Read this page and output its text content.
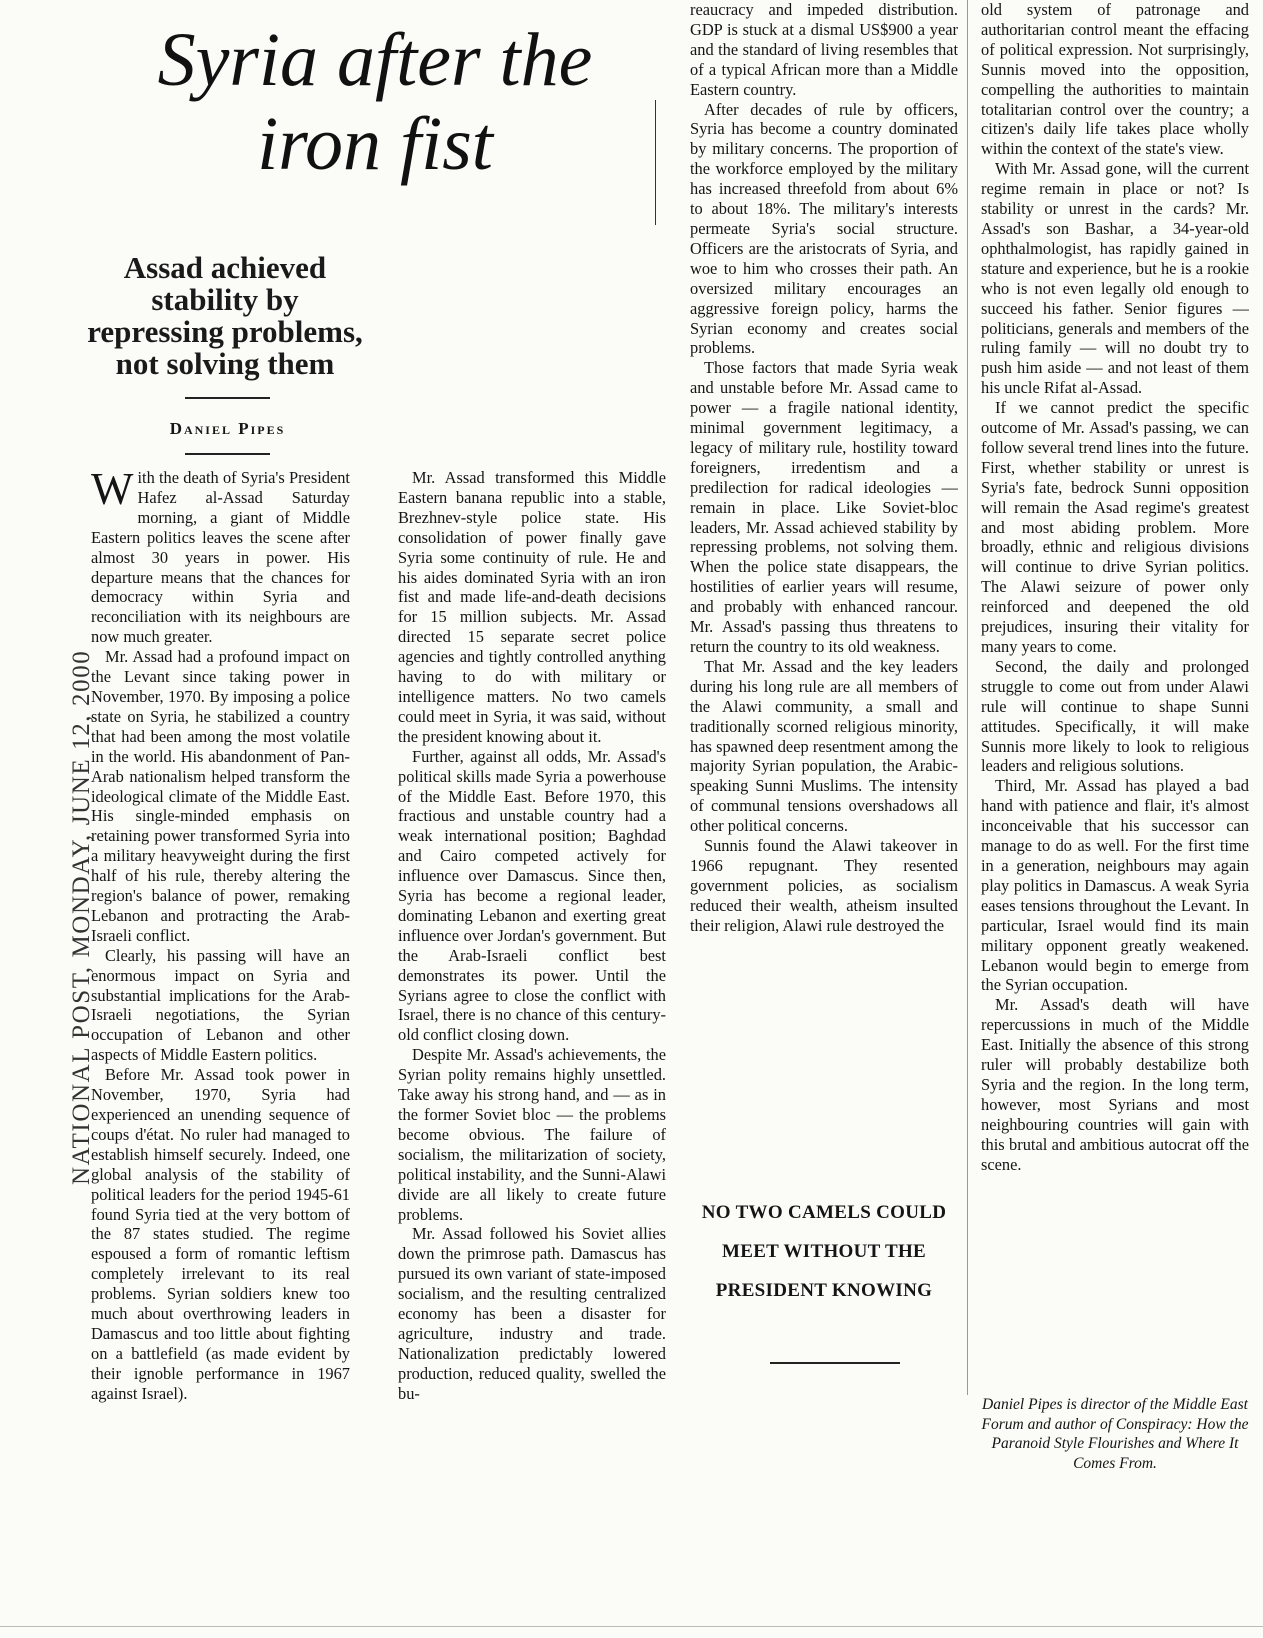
NATIONAL POST, MONDAY, JUNE 12, 2000
Syria after the iron fist
Assad achieved stability by repressing problems, not solving them
Daniel Pipes

With the death of Syria's President Hafez al-Assad Saturday morning, a giant of Middle Eastern politics leaves the scene after almost 30 years in power. His departure means that the chances for democracy within Syria and reconciliation with its neighbours are now much greater.

Mr. Assad had a profound impact on the Levant since taking power in November, 1970. By imposing a police state on Syria, he stabilized a country that had been among the most volatile in the world. His abandonment of Pan-Arab nationalism helped transform the ideological climate of the Middle East. His single-minded emphasis on retaining power transformed Syria into a military heavyweight during the first half of his rule, thereby altering the region's balance of power, remaking Lebanon and protracting the Arab-Israeli conflict.

Clearly, his passing will have an enormous impact on Syria and substantial implications for the Arab-Israeli negotiations, the Syrian occupation of Lebanon and other aspects of Middle Eastern politics.

Before Mr. Assad took power in November, 1970, Syria had experienced an unending sequence of coups d'état. No ruler had managed to establish himself securely. Indeed, one global analysis of the stability of political leaders for the period 1945-61 found Syria tied at the very bottom of the 87 states studied. The regime espoused a form of romantic leftism completely irrelevant to its real problems. Syrian soldiers knew too much about overthrowing leaders in Damascus and too little about fighting on a battlefield (as made evident by their ignoble performance in 1967 against Israel).

Mr. Assad transformed this Middle Eastern banana republic into a stable, Brezhnev-style police state. His consolidation of power finally gave Syria some continuity of rule. He and his aides dominated Syria with an iron fist and made life-and-death decisions for 15 million subjects. Mr. Assad directed 15 separate secret police agencies and tightly controlled anything having to do with military or intelligence matters. No two camels could meet in Syria, it was said, without the president knowing about it.

Further, against all odds, Mr. Assad's political skills made Syria a powerhouse of the Middle East. Before 1970, this fractious and unstable country had a weak international position; Baghdad and Cairo competed actively for influence over Damascus. Since then, Syria has become a regional leader, dominating Lebanon and exerting great influence over Jordan's government. But the Arab-Israeli conflict best demonstrates its power. Until the Syrians agree to close the conflict with Israel, there is no chance of this century-old conflict closing down.

Despite Mr. Assad's achievements, the Syrian polity remains highly unsettled. Take away his strong hand, and — as in the former Soviet bloc — the problems become obvious. The failure of socialism, the militarization of society, political instability, and the Sunni-Alawi divide are all likely to create future problems.

Mr. Assad followed his Soviet allies down the primrose path. Damascus has pursued its own variant of state-imposed socialism, and the resulting centralized economy has been a disaster for agriculture, industry and trade. Nationalization predictably lowered production, reduced quality, swelled the bu-

reaucracy and impeded distribution. GDP is stuck at a dismal US$900 a year and the standard of living resembles that of a typical African more than a Middle Eastern country.

After decades of rule by officers, Syria has become a country dominated by military concerns. The proportion of the workforce employed by the military has increased threefold from about 6% to about 18%. The military's interests permeate Syria's social structure. Officers are the aristocrats of Syria, and woe to him who crosses their path. An oversized military encourages an aggressive foreign policy, harms the Syrian economy and creates social problems.

Those factors that made Syria weak and unstable before Mr. Assad came to power — a fragile national identity, minimal government legitimacy, a legacy of military rule, hostility toward foreigners, irredentism and a predilection for radical ideologies — remain in place. Like Soviet-bloc leaders, Mr. Assad achieved stability by repressing problems, not solving them. When the police state disappears, the hostilities of earlier years will resume, and probably with enhanced rancour. Mr. Assad's passing thus threatens to return the country to its old weakness.

That Mr. Assad and the key leaders during his long rule are all members of the Alawi community, a small and traditionally scorned religious minority, has spawned deep resentment among the majority Syrian population, the Arabic-speaking Sunni Muslims. The intensity of communal tensions overshadows all other political concerns.

Sunnis found the Alawi takeover in 1966 repugnant. They resented government policies, as socialism reduced their wealth, atheism insulted their religion, Alawi rule destroyed the

NO TWO CAMELS COULD MEET WITHOUT THE PRESIDENT KNOWING

old system of patronage and authoritarian control meant the effacing of political expression. Not surprisingly, Sunnis moved into the opposition, compelling the authorities to maintain totalitarian control over the country; a citizen's daily life takes place wholly within the context of the state's view.

With Mr. Assad gone, will the current regime remain in place or not? Is stability or unrest in the cards? Mr. Assad's son Bashar, a 34-year-old ophthalmologist, has rapidly gained in stature and experience, but he is a rookie who is not even legally old enough to succeed his father. Senior figures — politicians, generals and members of the ruling family — will no doubt try to push him aside — and not least of them his uncle Rifat al-Assad.

If we cannot predict the specific outcome of Mr. Assad's passing, we can follow several trend lines into the future. First, whether stability or unrest is Syria's fate, bedrock Sunni opposition will remain the Asad regime's greatest and most abiding problem. More broadly, ethnic and religious divisions will continue to drive Syrian politics. The Alawi seizure of power only reinforced and deepened the old prejudices, insuring their vitality for many years to come.

Second, the daily and prolonged struggle to come out from under Alawi rule will continue to shape Sunni attitudes. Specifically, it will make Sunnis more likely to look to religious leaders and religious solutions.

Third, Mr. Assad has played a bad hand with patience and flair, it's almost inconceivable that his successor can manage to do as well. For the first time in a generation, neighbours may again play politics in Damascus. A weak Syria eases tensions throughout the Levant. In particular, Israel would find its main military opponent greatly weakened. Lebanon would begin to emerge from the Syrian occupation.

Mr. Assad's death will have repercussions in much of the Middle East. Initially the absence of this strong ruler will probably destabilize both Syria and the region. In the long term, however, most Syrians and most neighbouring countries will gain with this brutal and ambitious autocrat off the scene.

Daniel Pipes is director of the Middle East Forum and author of Conspiracy: How the Paranoid Style Flourishes and Where It Comes From.
